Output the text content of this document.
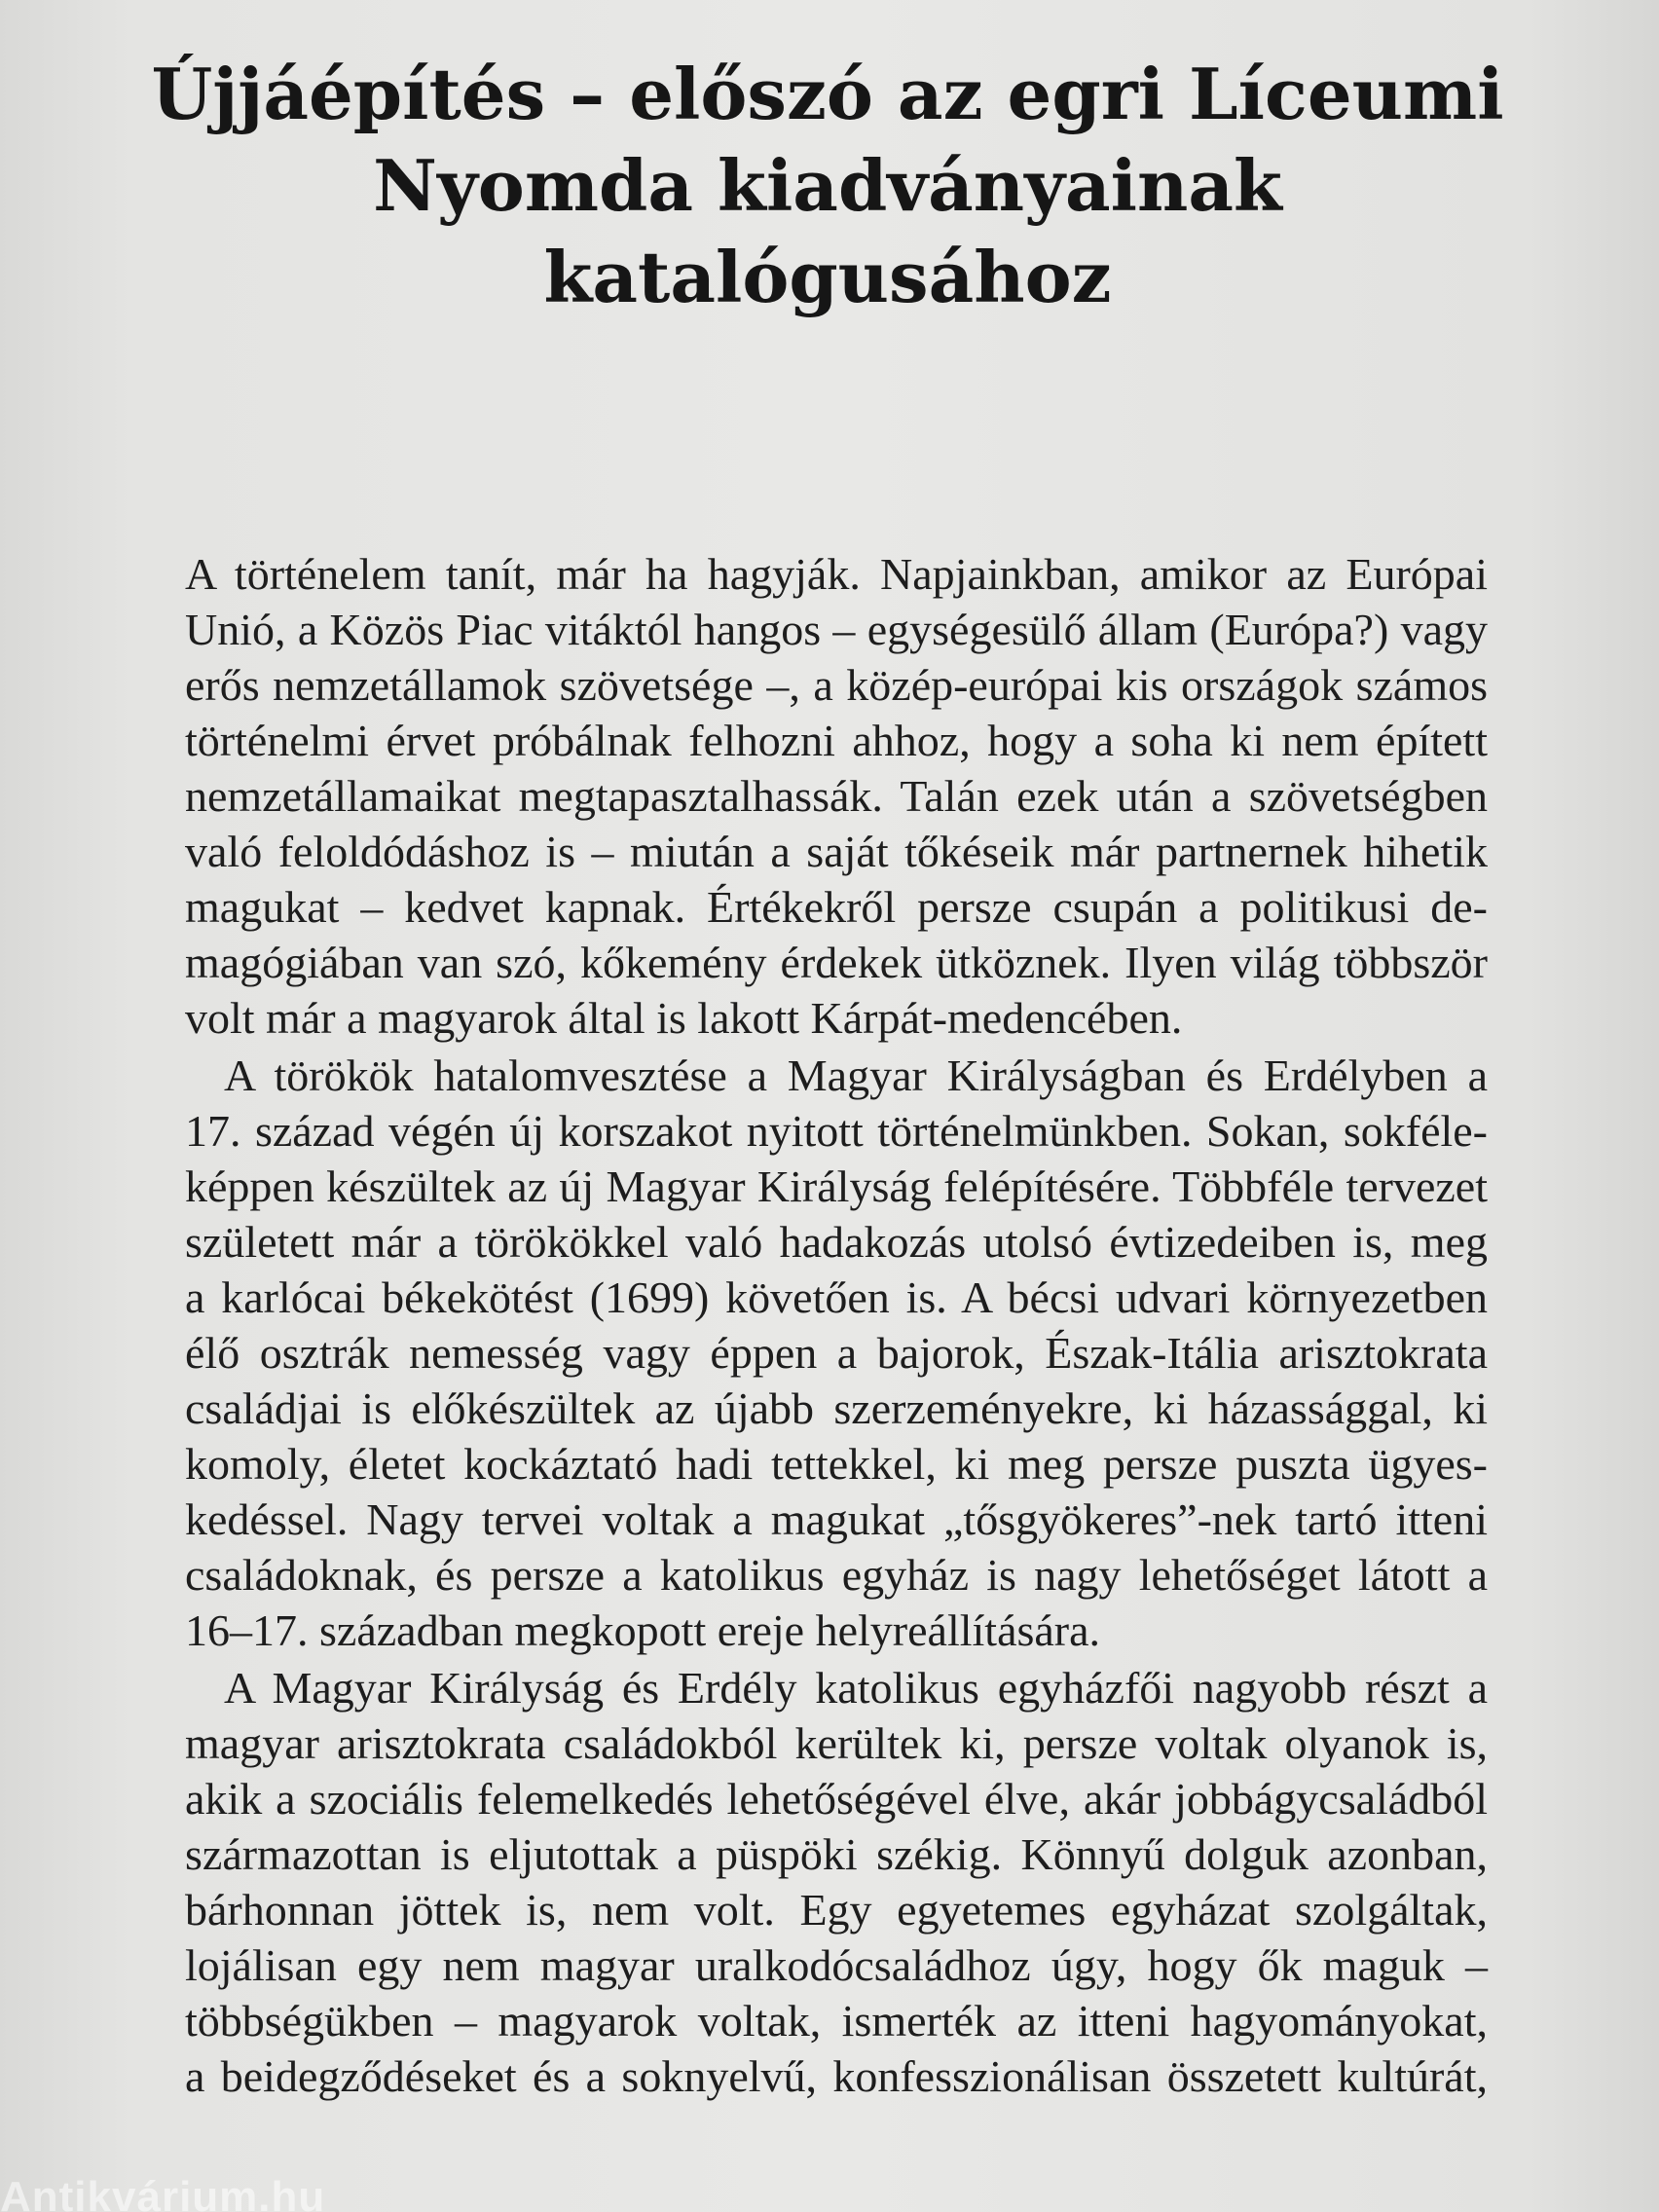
Újjáépítés – előszó az egri Líceumi
Nyomda kiadványainak
katalógusához

A történelem tanít, már ha hagyják. Napjainkban, amikor az Európai
Unió, a Közös Piac vitáktól hangos – egységesülő állam (Európa?) vagy
erős nemzetállamok szövetsége –, a közép-európai kis országok számos
történelmi érvet próbálnak felhozni ahhoz, hogy a soha ki nem épített
nemzetállamaikat megtapasztalhassák. Talán ezek után a szövetségben
való feloldódáshoz is – miután a saját tőkéseik már partnernek hihetik
magukat – kedvet kapnak. Értékekről persze csupán a politikusi de-
magógiában van szó, kőkemény érdekek ütköznek. Ilyen világ többször
volt már a magyarok által is lakott Kárpát-medencében.

A törökök hatalomvesztése a Magyar Királyságban és Erdélyben a
17. század végén új korszakot nyitott történelmünkben. Sokan, sokféle-
képpen készültek az új Magyar Királyság felépítésére. Többféle tervezet
született már a törökökkel való hadakozás utolsó évtizedeiben is, meg
a karlócai békekötést (1699) követően is. A bécsi udvari környezetben
élő osztrák nemesség vagy éppen a bajorok, Észak-Itália arisztokrata
családjai is előkészültek az újabb szerzeményekre, ki házassággal, ki
komoly, életet kockáztató hadi tettekkel, ki meg persze puszta ügyes-
kedéssel. Nagy tervei voltak a magukat „tősgyökeres”-nek tartó itteni
családoknak, és persze a katolikus egyház is nagy lehetőséget látott a
16–17. században megkopott ereje helyreállítására.

A Magyar Királyság és Erdély katolikus egyházfői nagyobb részt a
magyar arisztokrata családokból kerültek ki, persze voltak olyanok is,
akik a szociális felemelkedés lehetőségével élve, akár jobbágycsaládból
származottan is eljutottak a püspöki székig. Könnyű dolguk azonban,
bárhonnan jöttek is, nem volt. Egy egyetemes egyházat szolgáltak,
lojálisan egy nem magyar uralkodócsaládhoz úgy, hogy ők maguk –
többségükben – magyarok voltak, ismerték az itteni hagyományokat,
a beidegződéseket és a soknyelvű, konfesszionálisan összetett kultúrát,

Antikvárium.hu
